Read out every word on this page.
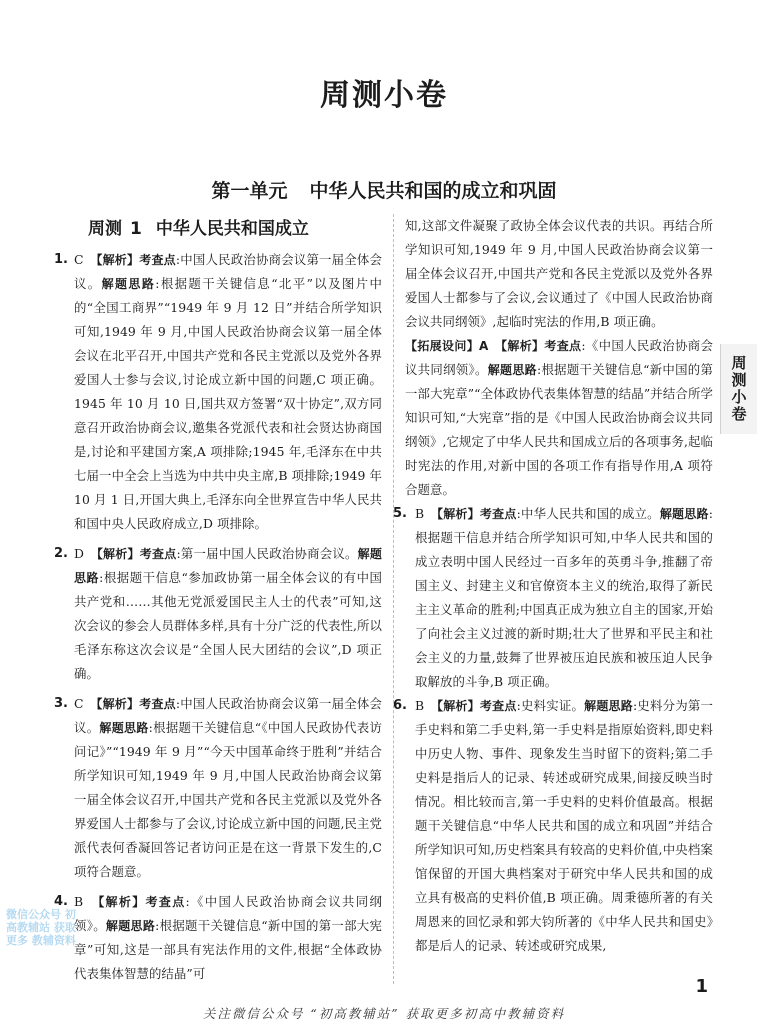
周测小卷
第一单元 中华人民共和国的成立和巩固
周测 1 中华人民共和国成立
1. C　 【解析】考查点:中国人民政治协商会议第一届全体会议。解题思路:根据题干关键信息“北平”以及图片中的“全国工商界”“1949 年 9 月 12 日”并结合所学知识可知,1949 年 9 月,中国人民政治协商会议第一届全体会议在北平召开,中国共产党和各民主党派以及党外各界爱国人士参与会议,讨论成立新中国的问题,C 项正确。1945 年 10 月 10 日,国共双方签署“双十协定”,双方同意召开政治协商会议,邀集各党派代表和社会贤达协商国是,讨论和平建国方案,A 项排除;1945 年,毛泽东在中共七届一中全会上当选为中共中央主席,B 项排除;1949 年 10 月 1 日,开国大典上,毛泽东向全世界宣告中华人民共和国中央人民政府成立,D 项排除。
2. D　 【解析】考查点:第一届中国人民政治协商会议。解题思路:根据题干信息“参加政协第一届全体会议的有中国共产党和……其他无党派爱国民主人士的代表”可知,这次会议的参会人员群体多样,具有十分广泛的代表性,所以毛泽东称这次会议是“全国人民大团结的会议”,D 项正确。
3. C　 【解析】考查点:中国人民政治协商会议第一届全体会议。解题思路:根据题干关键信息“《中国人民政协代表访问记》”“1949 年 9 月”“今天中国革命终于胜利”并结合所学知识可知,1949 年 9 月,中国人民政治协商会议第一届全体会议召开,中国共产党和各民主党派以及党外各界爱国人士都参与了会议,讨论成立新中国的问题,民主党派代表何香凝回答记者访问正是在这一背景下发生的,C 项符合题意。
4. B　 【解析】考查点:《中国人民政治协商会议共同纲领》。解题思路:根据题干关键信息“新中国的第一部大宪章”可知,这是一部具有宪法作用的文件,根据“全体政协代表集体智慧的结晶”可
知,这部文件凝聚了政协全体会议代表的共识。再结合所学知识可知,1949 年 9 月,中国人民政治协商会议第一届全体会议召开,中国共产党和各民主党派以及党外各界爱国人士都参与了会议,会议通过了《中国人民政治协商会议共同纲领》,起临时宪法的作用,B 项正确。
【拓展设问】A　【解析】考查点:《中国人民政治协商会议共同纲领》。解题思路:根据题干关键信息“新中国的第一部大宪章”“全体政协代表集体智慧的结晶”并结合所学知识可知,“大宪章”指的是《中国人民政治协商会议共同纲领》,它规定了中华人民共和国成立后的各项事务,起临时宪法的作用,对新中国的各项工作有指导作用,A 项符合题意。
5. B　【解析】考查点:中华人民共和国的成立。解题思路:根据题干信息并结合所学知识可知,中华人民共和国的成立表明中国人民经过一百多年的英勇斗争,推翻了帝国主义、封建主义和官僚资本主义的统治,取得了新民主主义革命的胜利;中国真正成为独立自主的国家,开始了向社会主义过渡的新时期;壮大了世界和平民主和社会主义的力量,鼓舞了世界被压迫民族和被压迫人民争取解放的斗争,B 项正确。
6. B　【解析】考查点:史料实证。解题思路:史料分为第一手史料和第二手史料,第一手史料是指原始资料,即史料中历史人物、事件、现象发生当时留下的资料;第二手史料是指后人的记录、转述或研究成果,间接反映当时情况。相比较而言,第一手史料的史料价值最高。根据题干关键信息“中华人民共和国的成立和巩固”并结合所学知识可知,历史档案具有较高的史料价值,中央档案馆保留的开国大典档案对于研究中华人民共和国的成立具有极高的史料价值,B 项正确。周秉德所著的有关周恩来的回忆录和郭大钧所著的《中华人民共和国史》都是后人的记录、转述或研究成果,
周测小卷
微信公众号 初高教辅站 获取更多 教辅资料
1
关注微信公众号 “初高教辅站” 获取更多初高中教辅资料
